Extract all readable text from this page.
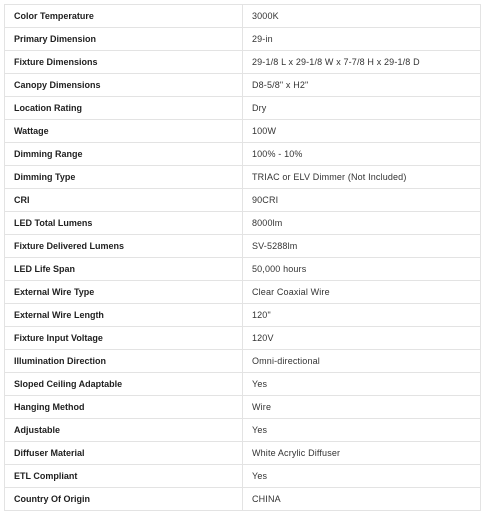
Color Temperature	3000K
Primary Dimension	29-in
Fixture Dimensions	29-1/8 L x 29-1/8 W x 7-7/8 H x 29-1/8 D
Canopy Dimensions	D8-5/8" x H2"
Location Rating	Dry
Wattage	100W
Dimming Range	100% - 10%
Dimming Type	TRIAC or ELV Dimmer (Not Included)
CRI	90CRI
LED Total Lumens	8000lm
Fixture Delivered Lumens	SV-5288lm
LED Life Span	50,000 hours
External Wire Type	Clear Coaxial Wire
External Wire Length	120"
Fixture Input Voltage	120V
Illumination Direction	Omni-directional
Sloped Ceiling Adaptable	Yes
Hanging Method	Wire
Adjustable	Yes
Diffuser Material	White Acrylic Diffuser
ETL Compliant	Yes
Country Of Origin	CHINA
